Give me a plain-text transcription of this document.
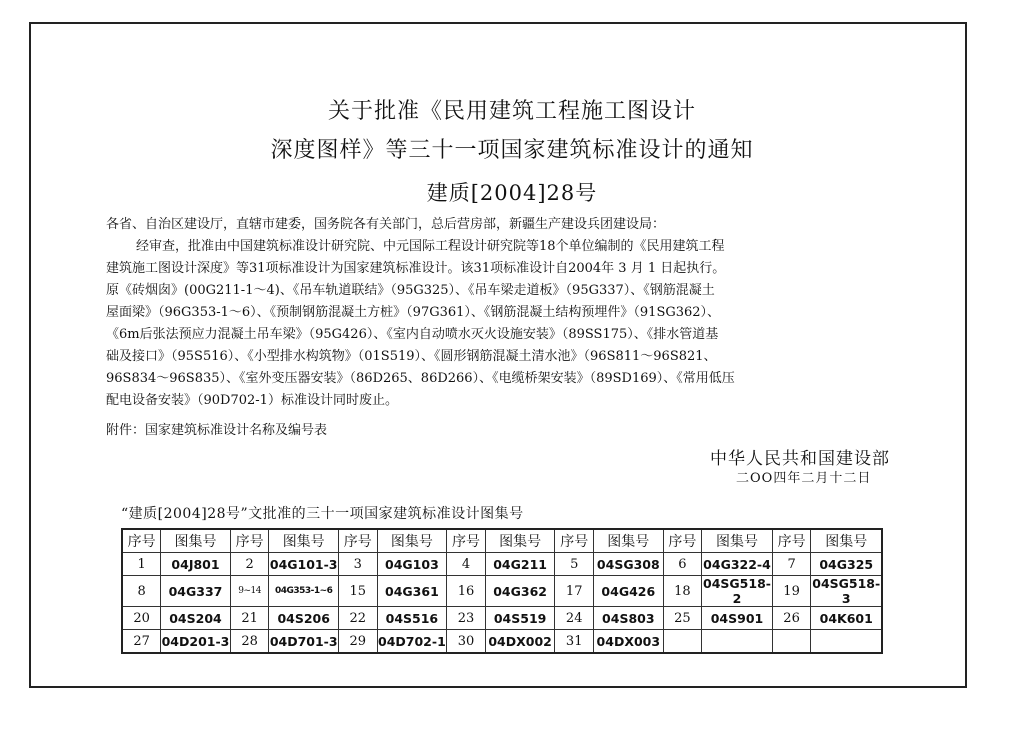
关于批准《民用建筑工程施工图设计
深度图样》等三十一项国家建筑标准设计的通知
建质[2004]28号
各省、自治区建设厅，直辖市建委，国务院各有关部门，总后营房部，新疆生产建设兵团建设局：
经审查，批准由中国建筑标准设计研究院、中元国际工程设计研究院等18个单位编制的《民用建筑工程
建筑施工图设计深度》等31项标准设计为国家建筑标准设计。该31项标准设计自2004年 3 月 1 日起执行。
原《砖烟囱》(00G211-1～4)、《吊车轨道联结》（95G325）、《吊车梁走道板》（95G337）、《钢筋混凝土
屋面梁》（96G353-1～6）、《预制钢筋混凝土方桩》（97G361）、《钢筋混凝土结构预埋件》（91SG362）、
《6m后张法预应力混凝土吊车梁》（95G426）、《室内自动喷水灭火设施安装》（89SS175）、《排水管道基
础及接口》（95S516）、《小型排水构筑物》（01S519）、《圆形钢筋混凝土清水池》（96S811～96S821、
96S834～96S835）、《室外变压器安装》（86D265、86D266）、《电缆桥架安装》（89SD169）、《常用低压
配电设备安装》（90D702-1）标准设计同时废止。
附件：国家建筑标准设计名称及编号表
中华人民共和国建设部
二OO四年二月十二日
“建质[2004]28号”文批准的三十一项国家建筑标准设计图集号
序号	图集号	序号	图集号	序号	图集号	序号	图集号	序号	图集号	序号	图集号	序号	图集号
1	04J801	2	04G101-3	3	04G103	4	04G211	5	04SG308	6	04G322-4	7	04G325
8	04G337	9~14	04G353-1~6	15	04G361	16	04G362	17	04G426	18	04SG518-2	19	04SG518-3
20	04S204	21	04S206	22	04S516	23	04S519	24	04S803	25	04S901	26	04K601
27	04D201-3	28	04D701-3	29	04D702-1	30	04DX002	31	04DX003				
